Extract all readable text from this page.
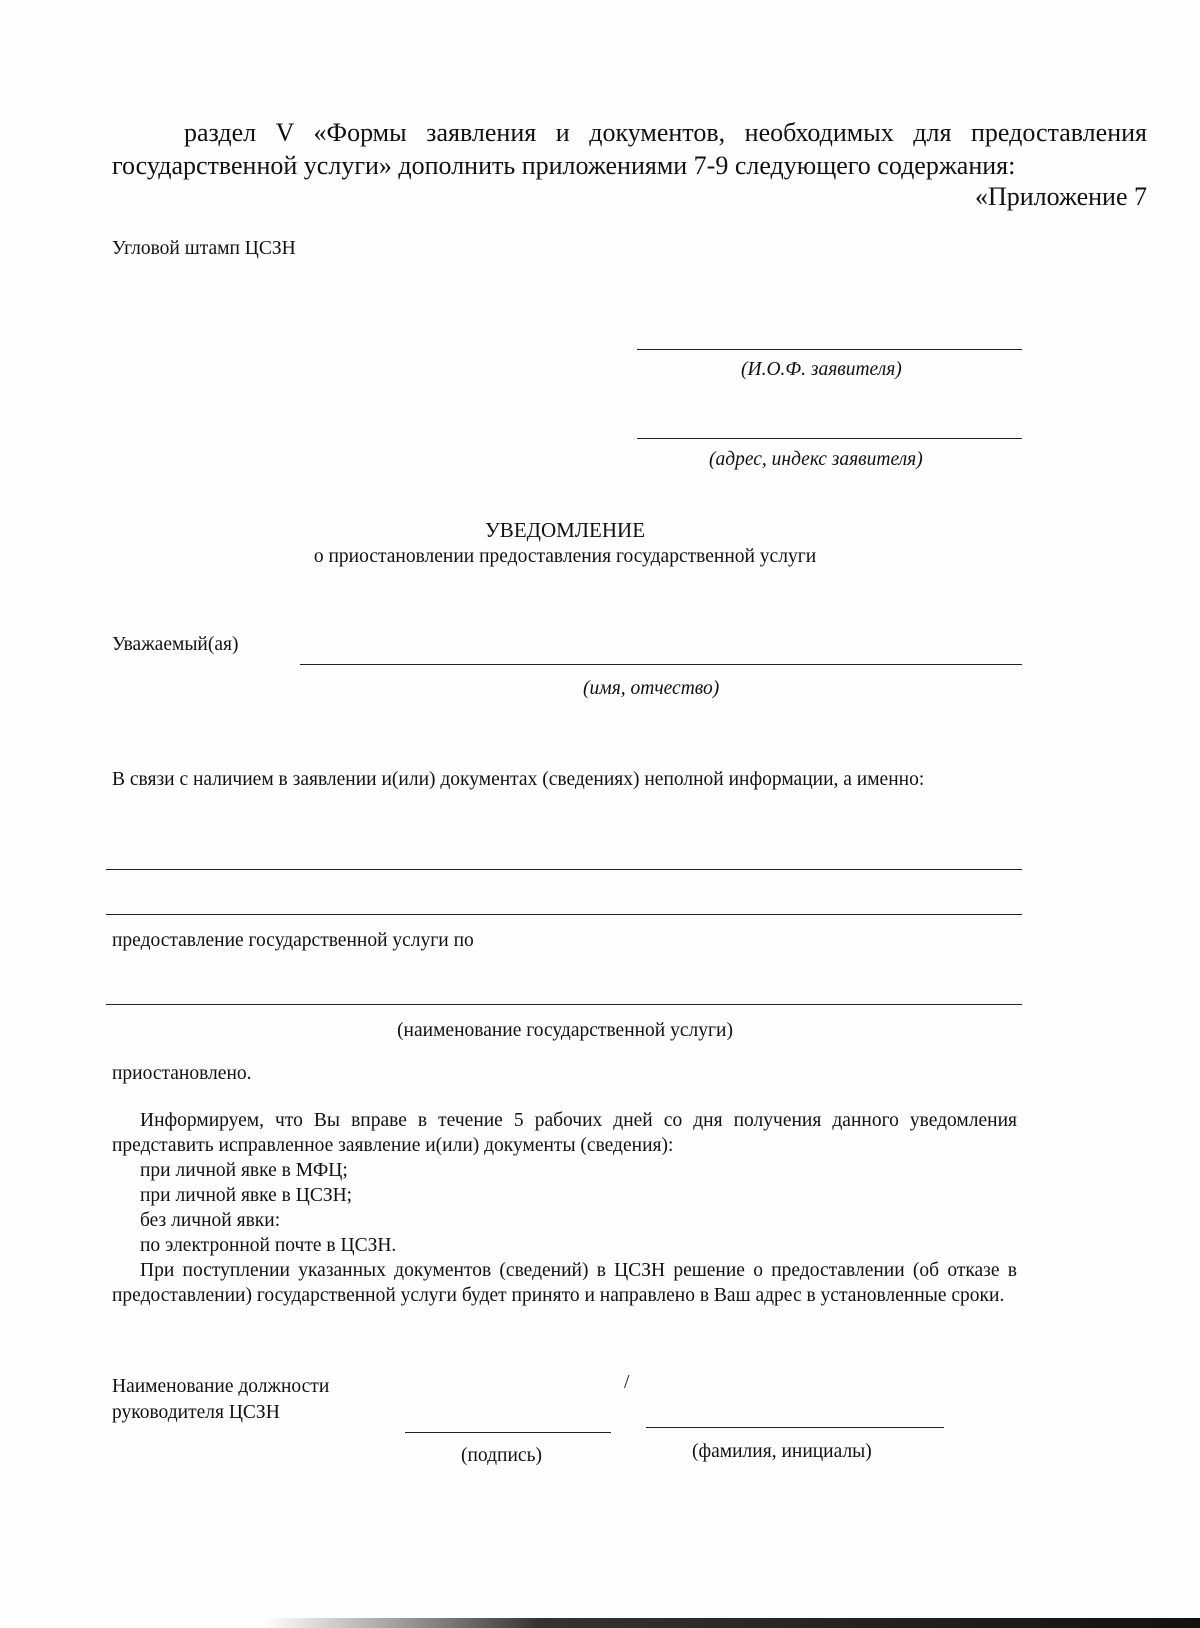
раздел V «Формы заявления и документов, необходимых для предоставления
государственной услуги» дополнить приложениями 7-9 следующего содержания:
«Приложение 7
Угловой штамп ЦСЗН
(И.О.Ф. заявителя)
(адрес, индекс заявителя)
УВЕДОМЛЕНИЕ
о приостановлении предоставления государственной услуги
Уважаемый(ая)
(имя, отчество)
В связи с наличием в заявлении и(или) документах (сведениях) неполной информации, а именно:
предоставление государственной услуги по
(наименование государственной услуги)
приостановлено.
Информируем, что Вы вправе в течение 5 рабочих дней со дня получения данного уведомления представить исправленное заявление и(или) документы (сведения):
при личной явке в МФЦ;
при личной явке в ЦСЗН;
без личной явки:
по электронной почте в ЦСЗН.
При поступлении указанных документов (сведений) в ЦСЗН решение о предоставлении (об отказе в предоставлении) государственной услуги будет принято и направлено в Ваш адрес в установленные сроки.
Наименование должности
руководителя ЦСЗН
/
(подпись)	(фамилия, инициалы)
